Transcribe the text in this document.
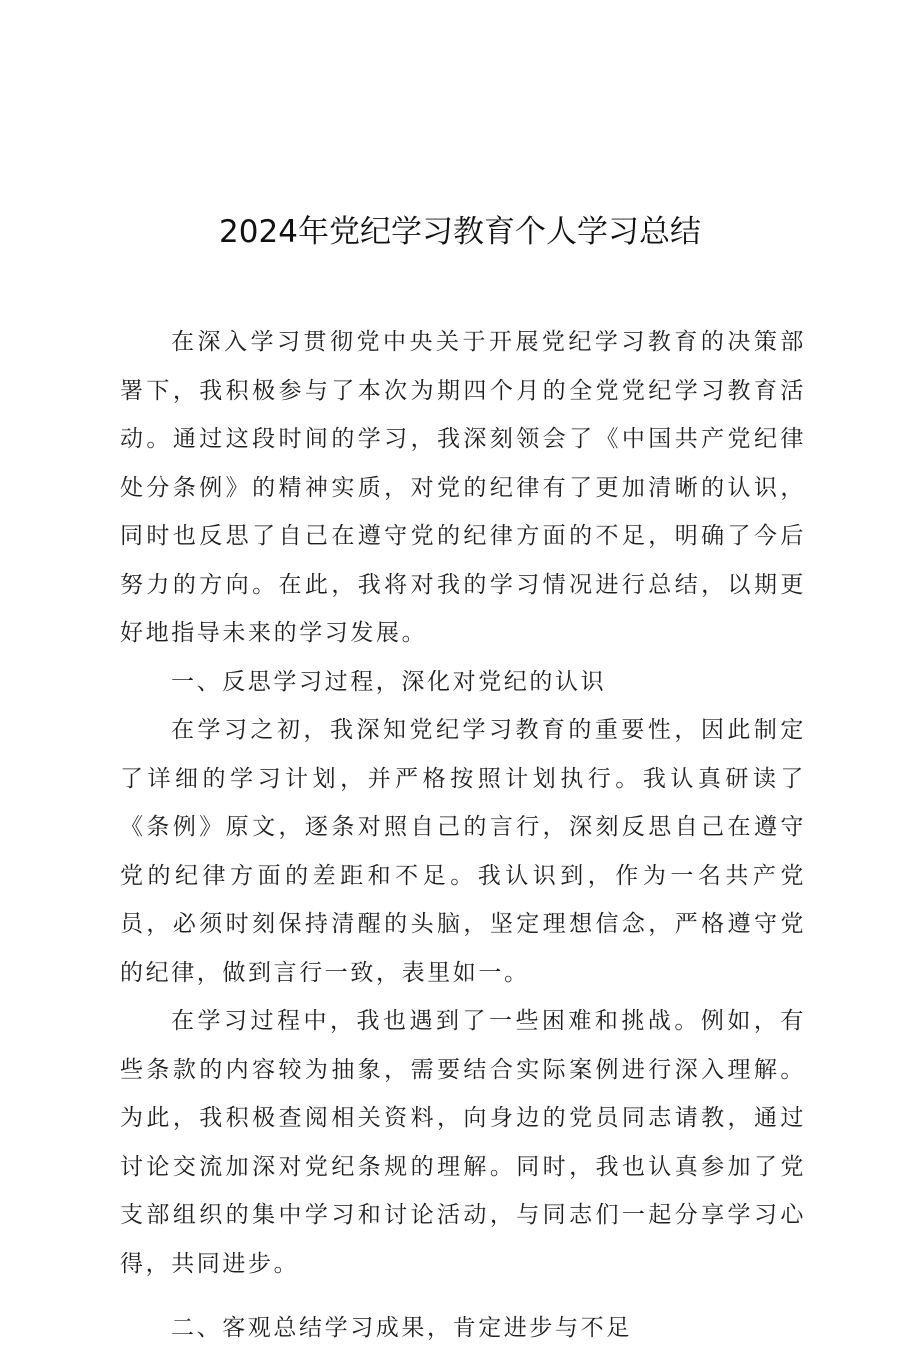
2024年党纪学习教育个人学习总结

在深入学习贯彻党中央关于开展党纪学习教育的决策部署下，我积极参与了本次为期四个月的全党党纪学习教育活动。通过这段时间的学习，我深刻领会了《中国共产党纪律处分条例》的精神实质，对党的纪律有了更加清晰的认识，同时也反思了自己在遵守党的纪律方面的不足，明确了今后努力的方向。在此，我将对我的学习情况进行总结，以期更好地指导未来的学习发展。

一、反思学习过程，深化对党纪的认识

在学习之初，我深知党纪学习教育的重要性，因此制定了详细的学习计划，并严格按照计划执行。我认真研读了《条例》原文，逐条对照自己的言行，深刻反思自己在遵守党的纪律方面的差距和不足。我认识到，作为一名共产党员，必须时刻保持清醒的头脑，坚定理想信念，严格遵守党的纪律，做到言行一致，表里如一。

在学习过程中，我也遇到了一些困难和挑战。例如，有些条款的内容较为抽象，需要结合实际案例进行深入理解。为此，我积极查阅相关资料，向身边的党员同志请教，通过讨论交流加深对党纪条规的理解。同时，我也认真参加了党支部组织的集中学习和讨论活动，与同志们一起分享学习心得，共同进步。

二、客观总结学习成果，肯定进步与不足
